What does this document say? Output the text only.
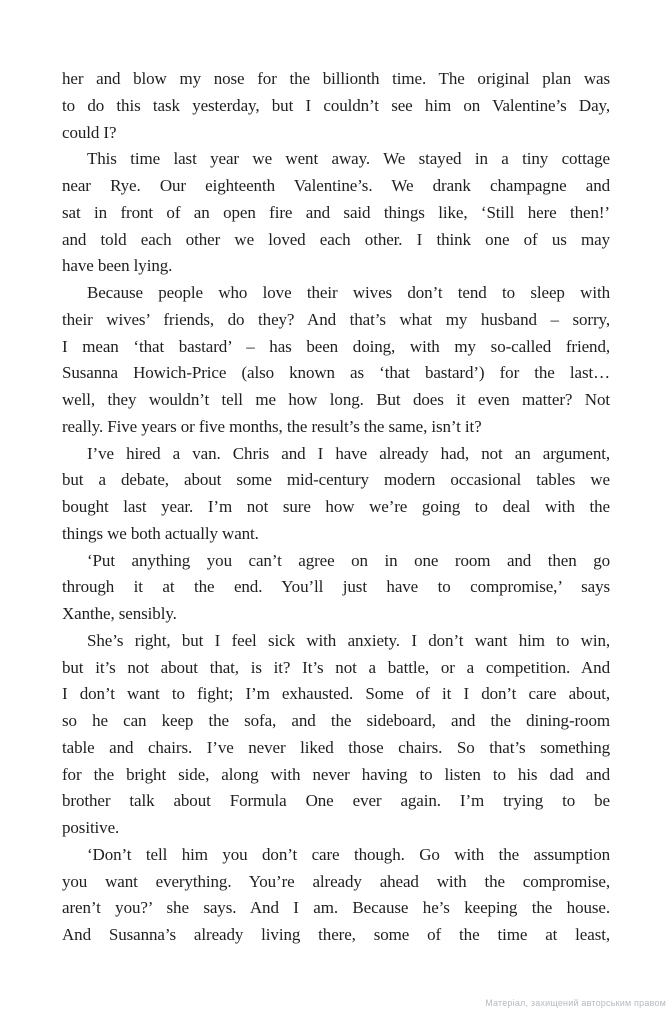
her and blow my nose for the billionth time. The original plan was
to do this task yesterday, but I couldn’t see him on Valentine’s Day,
could I?

This time last year we went away. We stayed in a tiny cottage
near Rye. Our eighteenth Valentine’s. We drank champagne and
sat in front of an open fire and said things like, ‘Still here then!’
and told each other we loved each other. I think one of us may
have been lying.

Because people who love their wives don’t tend to sleep with
their wives’ friends, do they? And that’s what my husband – sorry,
I mean ‘that bastard’ – has been doing, with my so-called friend,
Susanna Howich-Price (also known as ‘that bastard’) for the last…
well, they wouldn’t tell me how long. But does it even matter? Not
really. Five years or five months, the result’s the same, isn’t it?

I’ve hired a van. Chris and I have already had, not an argument,
but a debate, about some mid-century modern occasional tables we
bought last year. I’m not sure how we’re going to deal with the
things we both actually want.

‘Put anything you can’t agree on in one room and then go
through it at the end. You’ll just have to compromise,’ says
Xanthe, sensibly.

She’s right, but I feel sick with anxiety. I don’t want him to win,
but it’s not about that, is it? It’s not a battle, or a competition. And
I don’t want to fight; I’m exhausted. Some of it I don’t care about,
so he can keep the sofa, and the sideboard, and the dining-room
table and chairs. I’ve never liked those chairs. So that’s something
for the bright side, along with never having to listen to his dad and
brother talk about Formula One ever again. I’m trying to be
positive.

‘Don’t tell him you don’t care though. Go with the assumption
you want everything. You’re already ahead with the compromise,
aren’t you?’ she says. And I am. Because he’s keeping the house.
And Susanna’s already living there, some of the time at least,

Матеріал, захищений авторським правом
